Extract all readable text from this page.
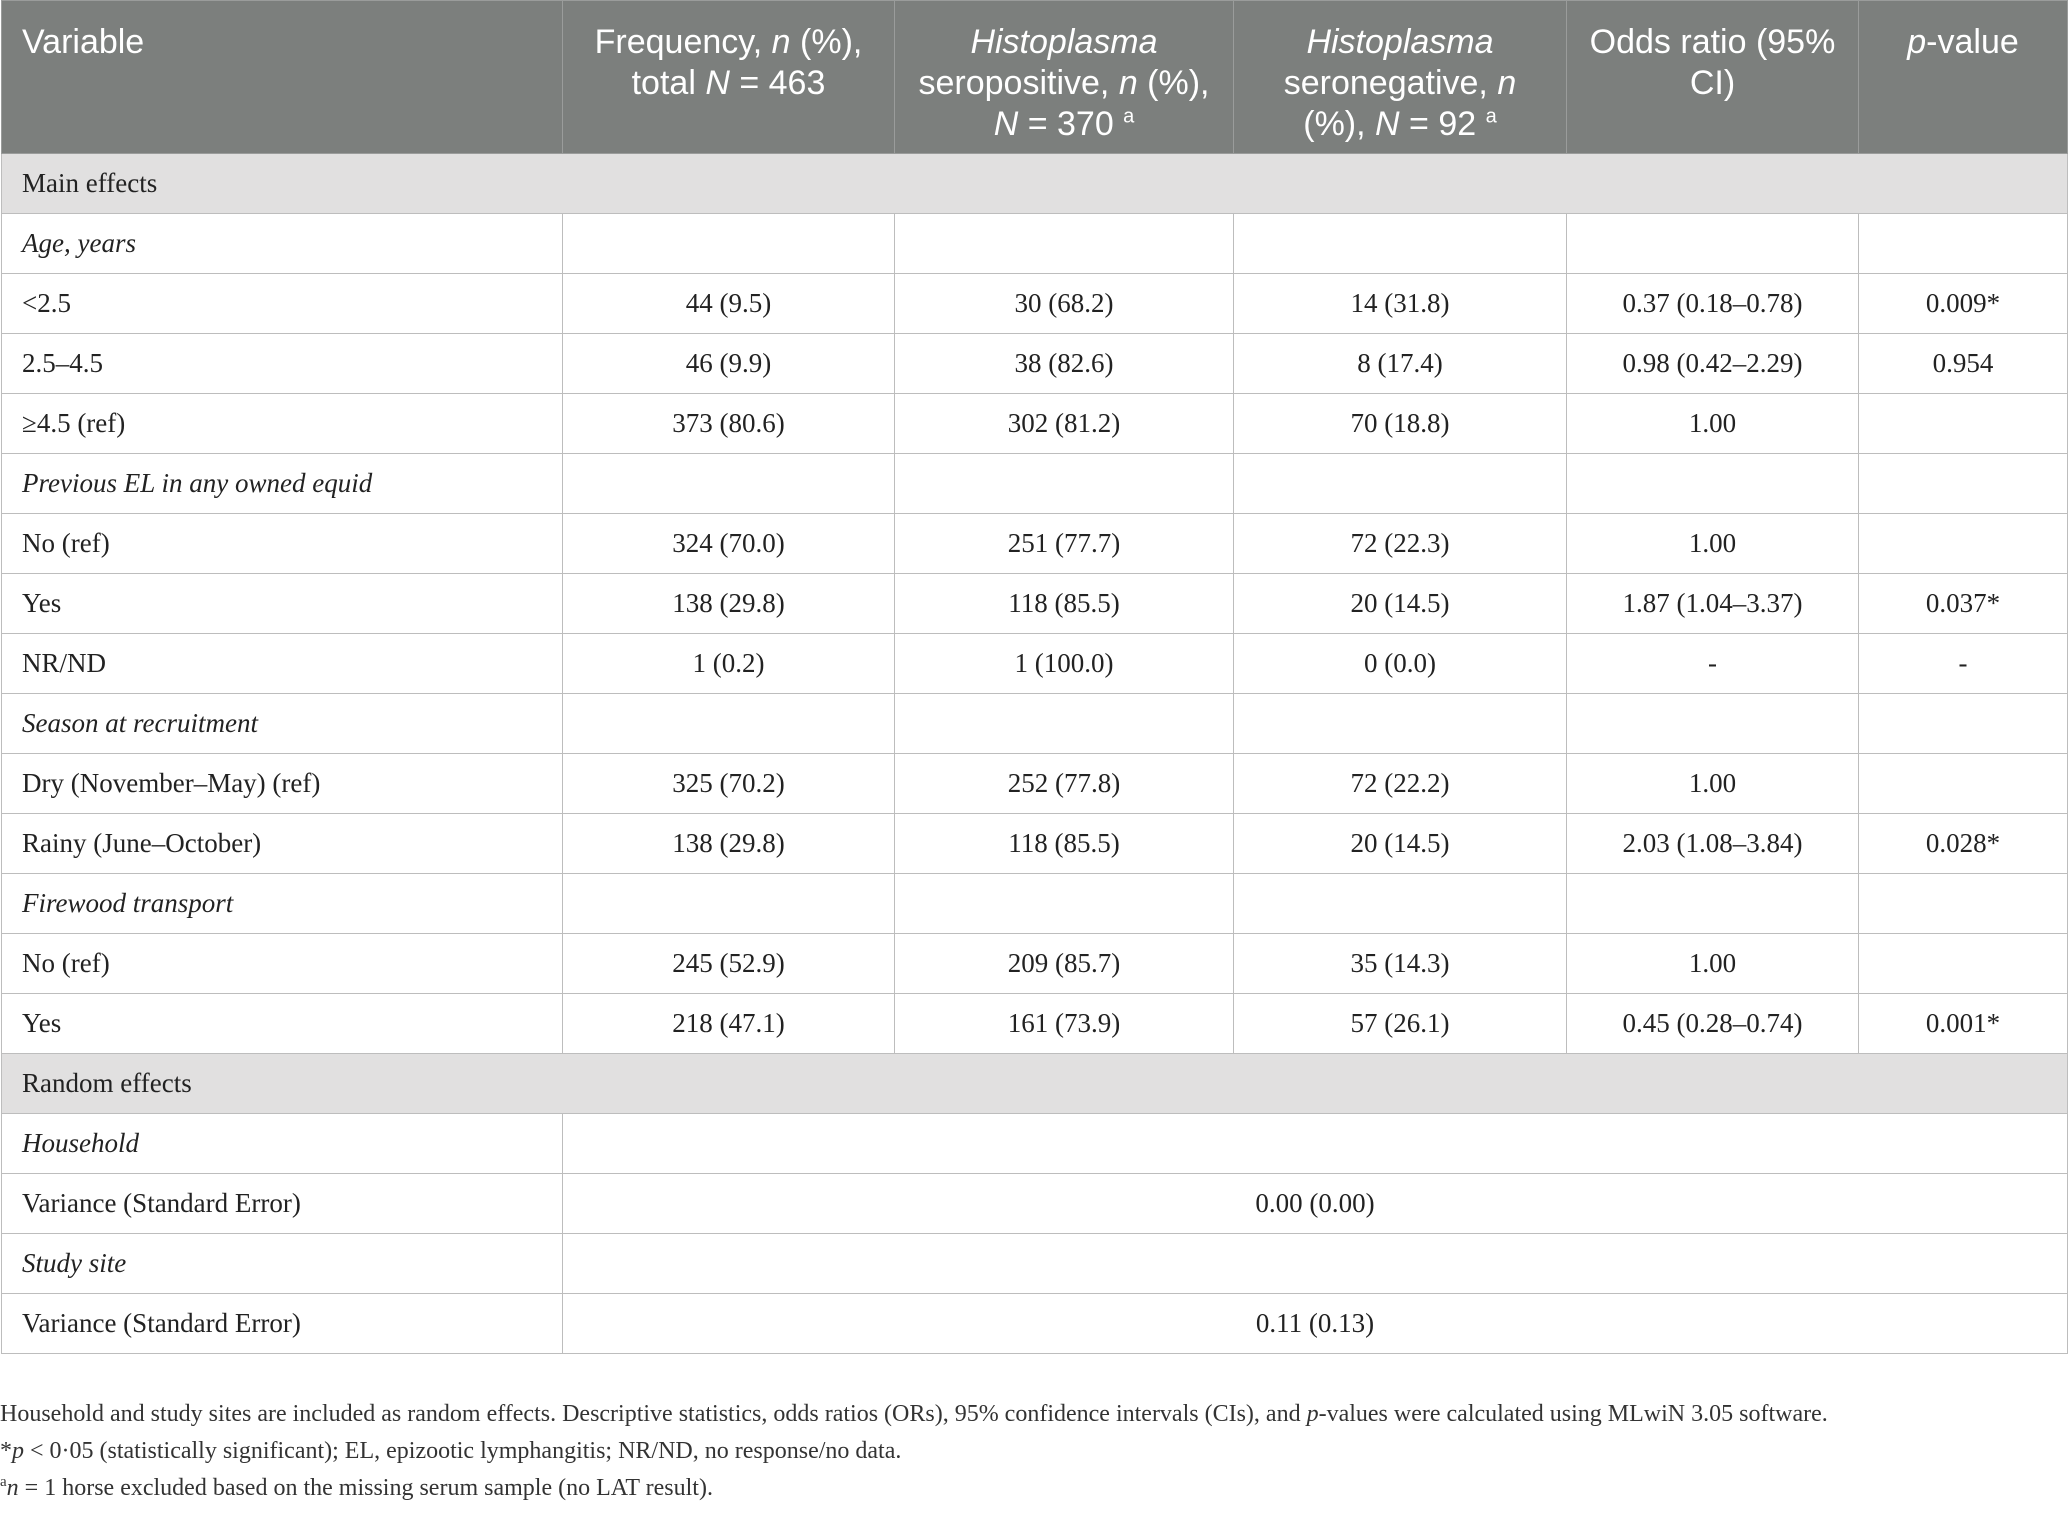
Variable	Frequency, n (%), total N = 463	Histoplasma seropositive, n (%), N = 370 $^a$	Histoplasma seronegative, n (%), N = 92 $^a$	Odds ratio (95% CI)	p-value
Main effects					
Age, years					
<2.5	44 (9.5)	30 (68.2)	14 (31.8)	0.37 (0.18–0.78)	0.009*
2.5–4.5	46 (9.9)	38 (82.6)	8 (17.4)	0.98 (0.42–2.29)	0.954
≥4.5 (ref)	373 (80.6)	302 (81.2)	70 (18.8)	1.00	
Previous EL in any owned equid					
No (ref)	324 (70.0)	251 (77.7)	72 (22.3)	1.00	
Yes	138 (29.8)	118 (85.5)	20 (14.5)	1.87 (1.04–3.37)	0.037*
NR/ND	1 (0.2)	1 (100.0)	0 (0.0)	-	-
Season at recruitment					
Dry (November–May) (ref)	325 (70.2)	252 (77.8)	72 (22.2)	1.00	
Rainy (June–October)	138 (29.8)	118 (85.5)	20 (14.5)	2.03 (1.08–3.84)	0.028*
Firewood transport					
No (ref)	245 (52.9)	209 (85.7)	35 (14.3)	1.00	
Yes	218 (47.1)	161 (73.9)	57 (26.1)	0.45 (0.28–0.74)	0.001*
Random effects					
Household					
Variance (Standard Error)	0.00 (0.00)				
Study site					
Variance (Standard Error)	0.11 (0.13)				

Household and study sites are included as random effects. Descriptive statistics, odds ratios (ORs), 95% confidence intervals (CIs), and p-values were calculated using MLwiN 3.05 software.

*p < 0·05 (statistically significant); EL, epizootic lymphangitis; NR/ND, no response/no data.

$^a$n = 1 horse excluded based on the missing serum sample (no LAT result).
